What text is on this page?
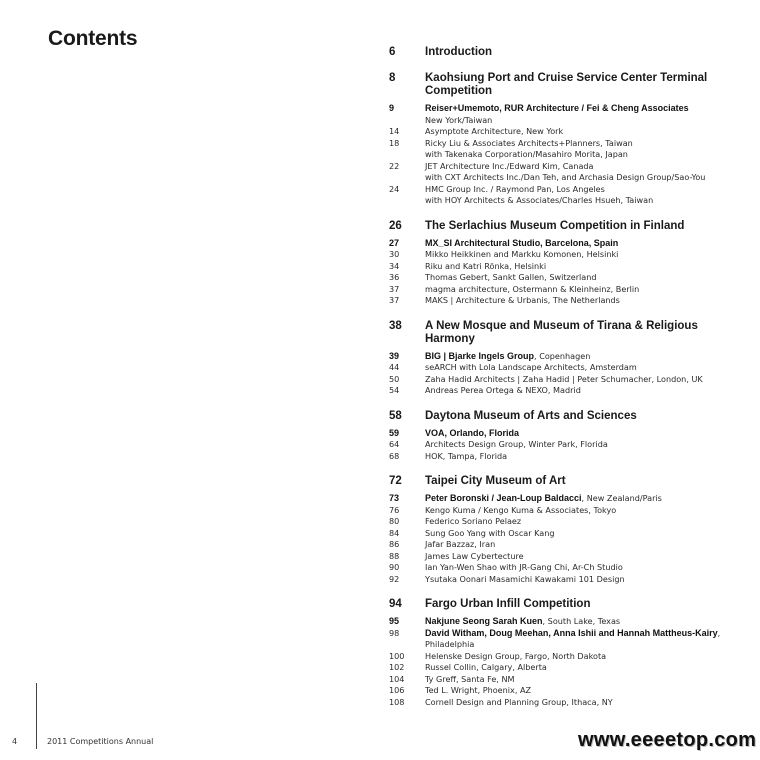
Contents
6	Introduction
8	Kaohsiung Port and Cruise Service Center Terminal Competition
9	Reiser+Umemoto, RUR Architecture / Fei & Cheng Associates
New York/Taiwan
14	Asymptote Architecture, New York
18	Ricky Liu & Associates Architects+Planners, Taiwan
with Takenaka Corporation/Masahiro Morita, Japan
22	JET Architecture Inc./Edward Kim, Canada
with CXT Architects Inc./Dan Teh, and Archasia Design Group/Sao-You
24	HMC Group Inc. / Raymond Pan, Los Angeles
with HOY Architects & Associates/Charles Hsueh, Taiwan
26 The Serlachius Museum Competition in Finland
27	MX_SI Architectural Studio, Barcelona, Spain
30	Mikko Heikkinen and Markku Komonen, Helsinki
34	Riku and Katri Rönka, Helsinki
36	Thomas Gebert, Sankt Gallen, Switzerland
37	magma architecture, Ostermann & Kleinheinz, Berlin
37	MAKS | Architecture & Urbanis, The Netherlands
38 A New Mosque and Museum of Tirana & Religious Harmony
39	BIG | Bjarke Ingels Group, Copenhagen
44	seARCH with Lola Landscape Architects, Amsterdam
50	Zaha Hadid Architects | Zaha Hadid | Peter Schumacher, London, UK
54	Andreas Perea Ortega & NEXO, Madrid
58 Daytona Museum of Arts and Sciences
59	VOA, Orlando, Florida
64	Architects Design Group, Winter Park, Florida
68	HOK, Tampa, Florida
72 Taipei City Museum of Art
73	Peter Boronski / Jean-Loup Baldacci, New Zealand/Paris
76	Kengo Kuma / Kengo Kuma & Associates, Tokyo
80	Federico Soriano Pelaez
84	Sung Goo Yang with Oscar Kang
86	Jafar Bazzaz, Iran
88	James Law Cybertecture
90	Ian Yan-Wen Shao with JR-Gang Chi, Ar-Ch Studio
92	Ysutaka Oonari Masamichi Kawakami 101 Design
94 Fargo Urban Infill Competition
95	Nakjune Seong Sarah Kuen, South Lake, Texas
98	David Witham, Doug Meehan, Anna Ishii and Hannah Mattheus-Kairy, Philadelphia
100	Helenske Design Group, Fargo, North Dakota
102	Russel Collin, Calgary, Alberta
104	Ty Greff, Santa Fe, NM
106	Ted L. Wright, Phoenix, AZ
108	Cornell Design and Planning Group, Ithaca, NY
4	2011 Competitions Annual	www.eeeetop.com
